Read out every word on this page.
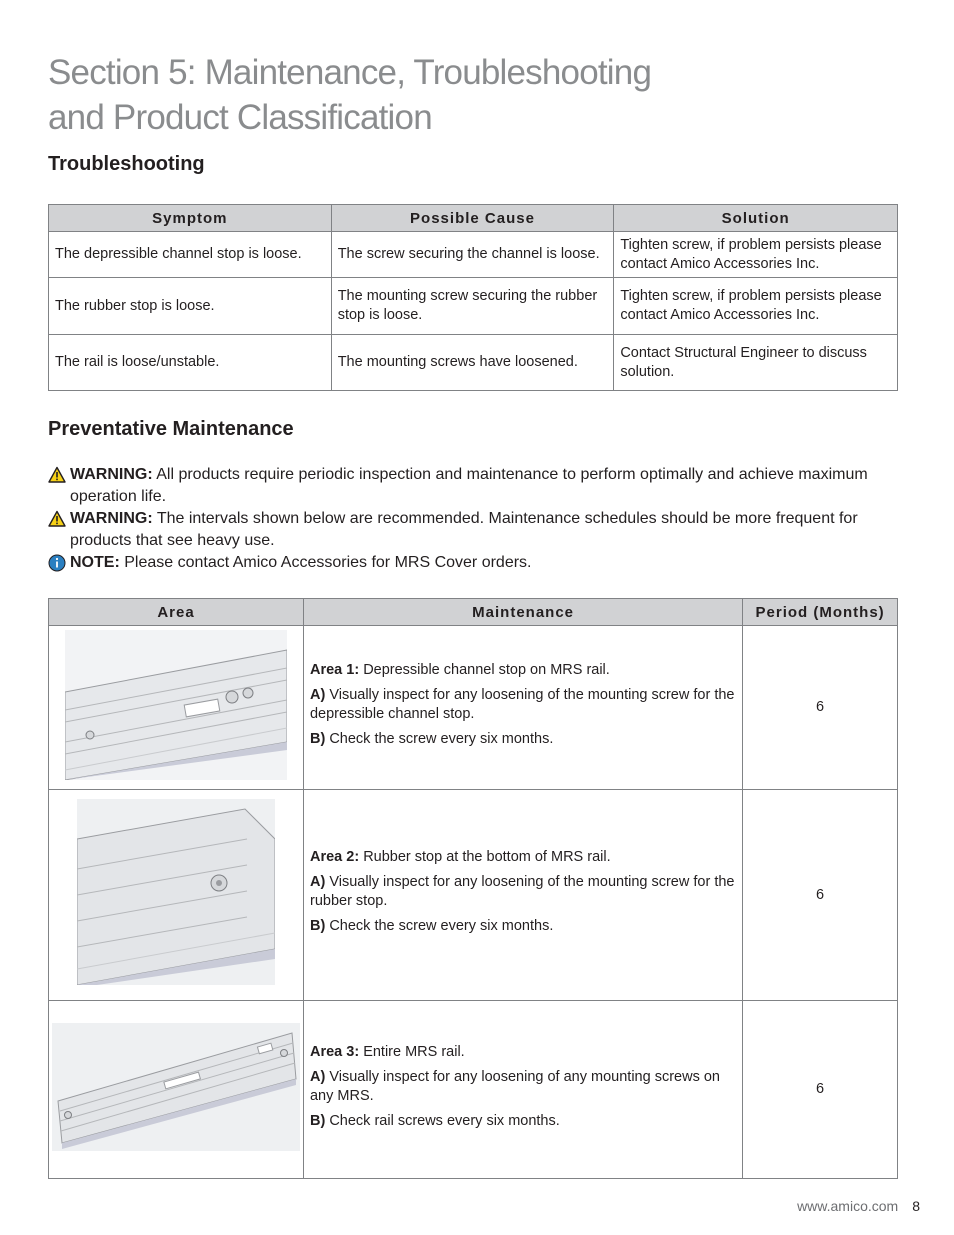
Section 5: Maintenance, Troubleshooting
and Product Classification
Troubleshooting
Symptom	Possible Cause	Solution
The depressible channel stop is loose.	The screw securing the channel is loose.	Tighten screw, if problem persists please contact Amico Accessories Inc.
The rubber stop is loose.	The mounting screw securing the rubber stop is loose.	Tighten screw, if problem persists please contact Amico Accessories Inc.
The rail is loose/unstable.	The mounting screws have loosened.	Contact Structural Engineer to discuss solution.
Preventative Maintenance
WARNING: All products require periodic inspection and maintenance to perform optimally and achieve maximum operation life.
WARNING: The intervals shown below are recommended. Maintenance schedules should be more frequent for products that see heavy use.
NOTE: Please contact Amico Accessories for MRS Cover orders.
Area	Maintenance	Period (Months)

Area 1: Depressible channel stop on MRS rail.

A) Visually inspect for any loosening of the mounting screw for the depressible channel stop.

B) Check the screw every six months.	6

Area 2: Rubber stop at the bottom of MRS rail.

A) Visually inspect for any loosening of the mounting screw for the rubber stop.

B) Check the screw every six months.	6

Area 3: Entire MRS rail.

A) Visually inspect for any loosening of any mounting screws on any MRS.

B) Check rail screws every six months.	6
www.amico.com 8
